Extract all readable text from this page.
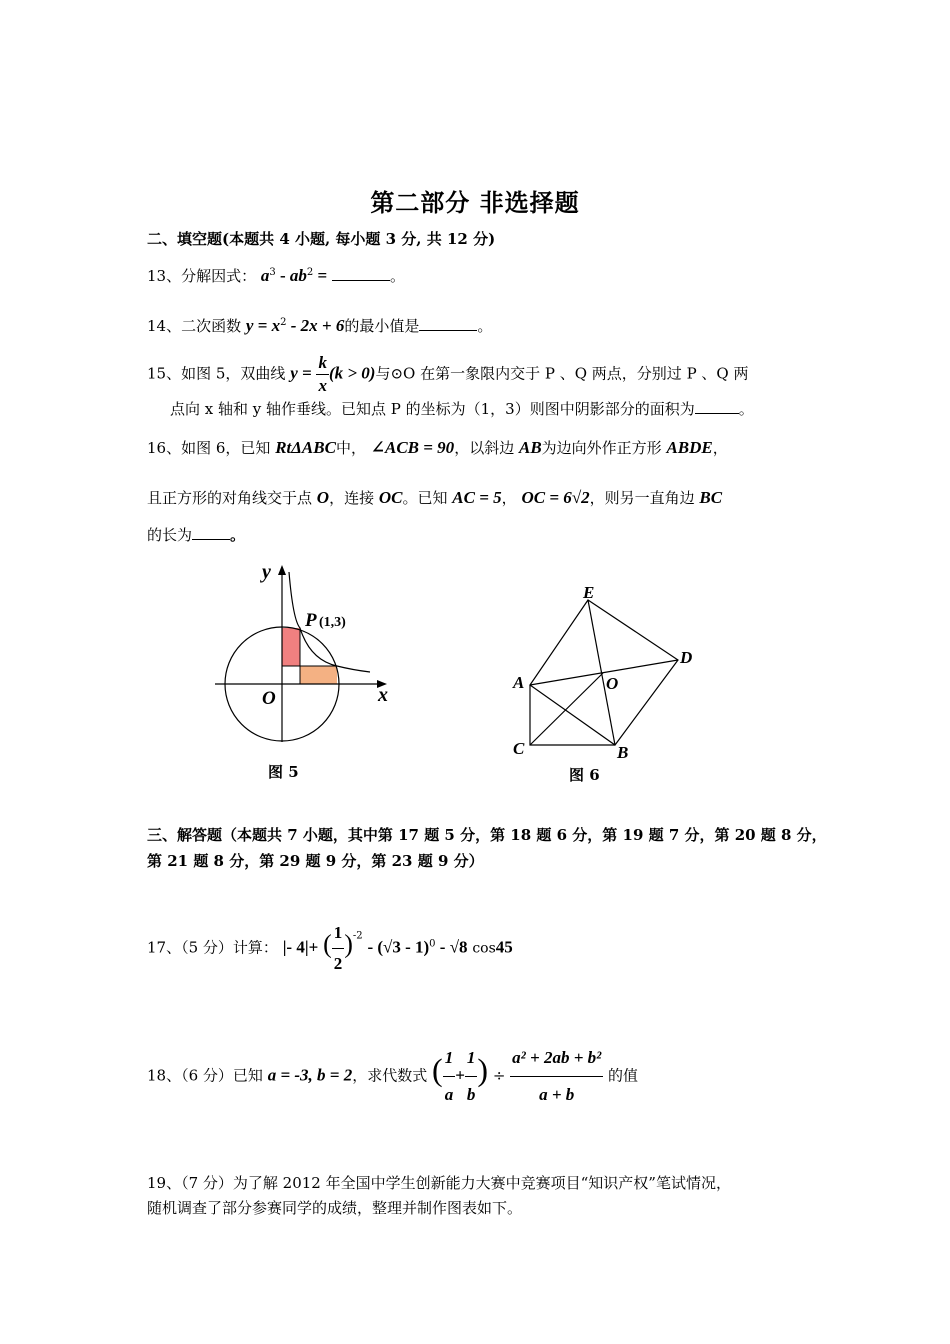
第二部分 非选择题
二、填空题(本题共 4 小题, 每小题 3 分, 共 12 分)
13、分解因式： $a^3 - ab^2$ =	。
14、二次函数 $y = x^2 - 2x + 6$的最小值是	。
15、如图 5，双曲线 $y = \frac{k}{x} (k > 0)$与⊙O 在第一象限内交于 P 、Q 两点，分别过 P 、Q 两
点向 x 轴和 y 轴作垂线。已知点 P 的坐标为（1，3）则图中阴影部分的面积为	。
16、如图 6，已知 RtΔABC中， ∠ACB = 90，以斜边 AB为边向外作正方形 ABDE，
且正方形的对角线交于点 O，连接 OC。已知 AC = 5， OC = 6√2，则另一直角边 BC
的长为	。
y
x
O
P (1,3)
图 5
E
D
A	O
C	B
图 6
三、解答题（本题共 7 小题，其中第 17 题 5 分，第 18 题 6 分，第 19 题 7 分，第 20 题 8 分，
第 21 题 8 分，第 29 题 9 分，第 23 题 9 分）
17、（5 分）计算： |- 4|+ ( $\frac{1}{2} )^{-2} - (√3 - 1)^0 - √8$ cos45
18、（6 分）已知 a = -3, b = 2，求代数式 ( $\frac{1}{a} + \frac{1}{b}$ ) ÷ $\frac{\text{a² + 2ab + b²}}{a + b}$ 的值
19、（7 分）为了解 2012 年全国中学生创新能力大赛中竞赛项目“知识产权”笔试情况，
随机调查了部分参赛同学的成绩，整理并制作图表如下。
